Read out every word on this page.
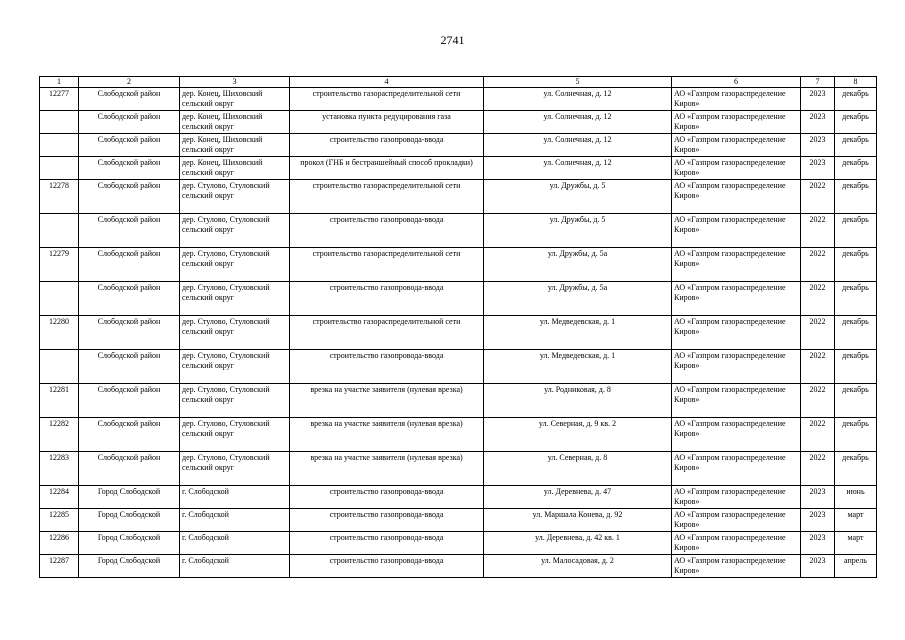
2741
1	2	3	4	5	6	7	8
12277	Слободской район	дер. Конец, Шиховский сельский округ	строительство газораспределительной сети	ул. Солнечная, д. 12	АО «Газпром газораспределение Киров»	2023	декабрь
	Слободской район	дер. Конец, Шиховский сельский округ	установка пункта редуцирования газа	ул. Солнечная, д. 12	АО «Газпром газораспределение Киров»	2023	декабрь
	Слободской район	дер. Конец, Шиховский сельский округ	строительство газопровода-ввода	ул. Солнечная, д. 12	АО «Газпром газораспределение Киров»	2023	декабрь
	Слободской район	дер. Конец, Шиховский сельский округ	прокол (ГНБ и бестраншейный способ прокладки)	ул. Солнечная, д. 12	АО «Газпром газораспределение Киров»	2023	декабрь
12278	Слободской район	дер. Стулово, Стуловский сельский округ	строительство газораспределительной сети	ул. Дружбы, д. 5	АО «Газпром газораспределение Киров»	2022	декабрь
	Слободской район	дер. Стулово, Стуловский сельский округ	строительство газопровода-ввода	ул. Дружбы, д. 5	АО «Газпром газораспределение Киров»	2022	декабрь
12279	Слободской район	дер. Стулово, Стуловский сельский округ	строительство газораспределительной сети	ул. Дружбы, д. 5а	АО «Газпром газораспределение Киров»	2022	декабрь
	Слободской район	дер. Стулово, Стуловский сельский округ	строительство газопровода-ввода	ул. Дружбы, д. 5а	АО «Газпром газораспределение Киров»	2022	декабрь
12280	Слободской район	дер. Стулово, Стуловский сельский округ	строительство газораспределительной сети	ул. Медведевская, д. 1	АО «Газпром газораспределение Киров»	2022	декабрь
	Слободской район	дер. Стулово, Стуловский сельский округ	строительство газопровода-ввода	ул. Медведевская, д. 1	АО «Газпром газораспределение Киров»	2022	декабрь
12281	Слободской район	дер. Стулово, Стуловский сельский округ	врезка на участке заявителя (нулевая врезка)	ул. Родниковая, д. 8	АО «Газпром газораспределение Киров»	2022	декабрь
12282	Слободской район	дер. Стулово, Стуловский сельский округ	врезка на участке заявителя (нулевая врезка)	ул. Северная, д. 9 кв. 2	АО «Газпром газораспределение Киров»	2022	декабрь
12283	Слободской район	дер. Стулово, Стуловский сельский округ	врезка на участке заявителя (нулевая врезка)	ул. Северная, д. 8	АО «Газпром газораспределение Киров»	2022	декабрь
12284	Город Слободской	г. Слободской	строительство газопровода-ввода	ул. Деревнева, д. 47	АО «Газпром газораспределение Киров»	2023	июнь
12285	Город Слободской	г. Слободской	строительство газопровода-ввода	ул. Маршала Конева, д. 92	АО «Газпром газораспределение Киров»	2023	март
12286	Город Слободской	г. Слободской	строительство газопровода-ввода	ул. Деревнева, д. 42 кв. 1	АО «Газпром газораспределение Киров»	2023	март
12287	Город Слободской	г. Слободской	строительство газопровода-ввода	ул. Малосадовая, д. 2	АО «Газпром газораспределение Киров»	2023	апрель
